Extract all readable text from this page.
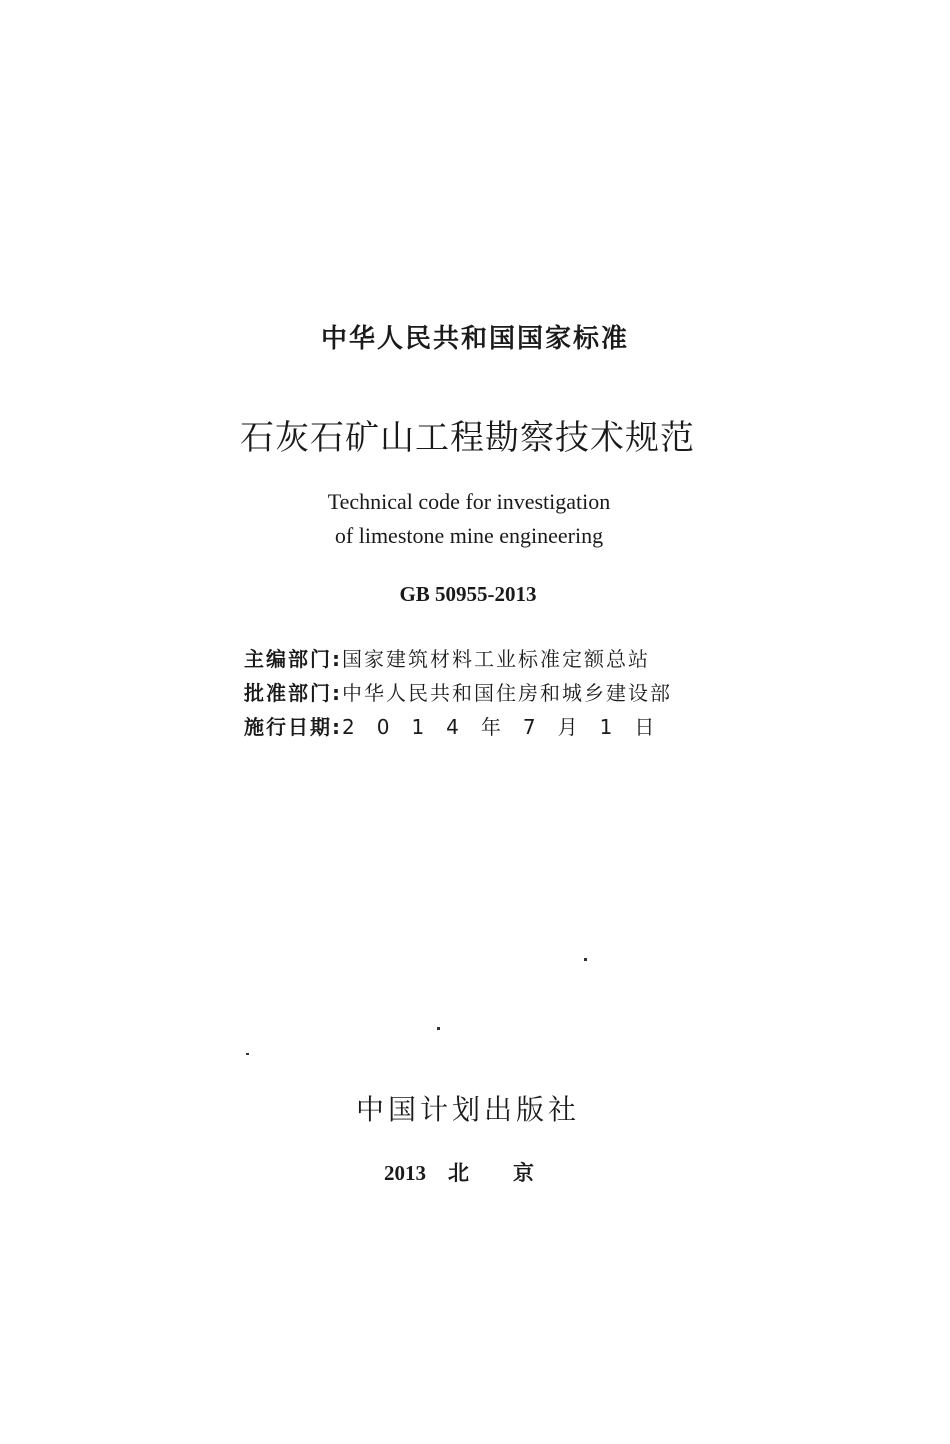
中华人民共和国国家标准
石灰石矿山工程勘察技术规范
Technical code for investigation
of limestone mine engineering
GB 50955-2013
主编部门:国家建筑材料工业标准定额总站
批准部门:中华人民共和国住房和城乡建设部
施行日期:2014年7月1日
中国计划出版社
2013 北京
